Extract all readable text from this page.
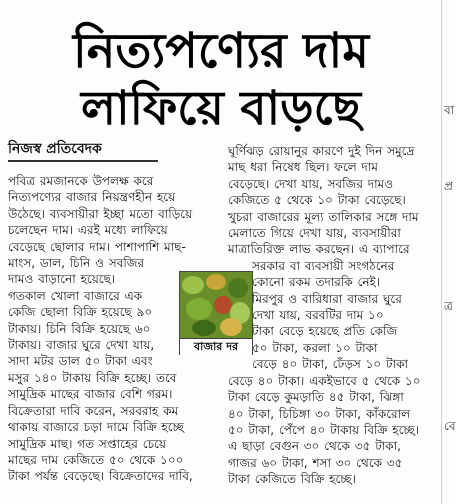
নিত্যপণ্যের দাম
লাফিয়ে বাড়ছে
নিজস্ব প্রতিবেদক
পবিত্র রমজানকে উপলক্ষ করে
নিত্যপণ্যের বাজার নিয়ন্ত্রণহীন হয়ে
উঠেছে। ব্যবসায়ীরা ইচ্ছা মতো বাড়িয়ে
চলেছেন দাম। এরই মধ্যে লাফিয়ে
বেড়েছে ছোলার দাম। পাশাপাশি মাছ-
মাংস, ডাল, চিনি ও সবজির
দামও বাড়ানো হয়েছে।
গতকাল খোলা বাজারে এক
কেজি ছোলা বিক্রি হয়েছে ৯০
টাকায়। চিনি বিক্রি হয়েছে ৬০
টাকায়। বাজার ঘুরে দেখা যায়,
সাদা মটর ডাল ৫০ টাকা এবং
মসুর ১৪০ টাকায় বিক্রি হচ্ছে। তবে
সামুদ্রিক মাছের বাজার বেশি গরম।
বিক্রেতারা দাবি করেন, সরবরাহ কম
থাকায় বাজারে চড়া দামে বিক্রি হচ্ছে
সামুদ্রিক মাছ। গত সপ্তাহের চেয়ে
মাছের দাম কেজিতে ৫০ থেকে ১০০
টাকা পর্যন্ত বেড়েছে। বিক্রেতাদের দাবি,
বাজার দর
ঘূর্ণিঝড় রোয়ানুর কারণে দুই দিন সমুদ্রে
মাছ ধরা নিষেধ ছিল। ফলে দাম
বেড়েছে। দেখা যায়, সবজির দামও
কেজিতে ৫ থেকে ১০ টাকা বেড়েছে।
খুচরা বাজারের মূল্য তালিকার সঙ্গে দাম
মেলাতে গিয়ে দেখা যায়, ব্যবসায়ীরা
মাত্রাতিরিক্ত লাভ করছেন। এ ব্যাপারে
সরকার বা ব্যবসায়ী সংগঠনের
কোনো রকম তদারকি নেই।
মিরপুর ও বারিধারা বাজার ঘুরে
দেখা যায়, বরবটির দাম ১০
টাকা বেড়ে হয়েছে প্রতি কেজি
৫০ টাকা, করলা ১০ টাকা
বেড়ে ৪০ টাকা, ঢেঁড়স ১০ টাকা
বেড়ে ৪০ টাকা। একইভাবে ৫ থেকে ১০
টাকা বেড়ে কুমড়াতি ৪৫ টাকা, ঝিঙ্গা
৪০ টাকা, চিচিঙ্গা ৩০ টাকা, কাঁকরোল
৫০ টাকা, পেঁপে ৪০ টাকায় বিক্রি হচ্ছে।
এ ছাড়া বেগুন ৩০ থেকে ৩৫ টাকা,
গাজর ৬০ টাকা, শসা ৩০ থেকে ৩৫
টাকা কেজিতে বিক্রি হচ্ছে।
বা
প্র
ত্র
বে
